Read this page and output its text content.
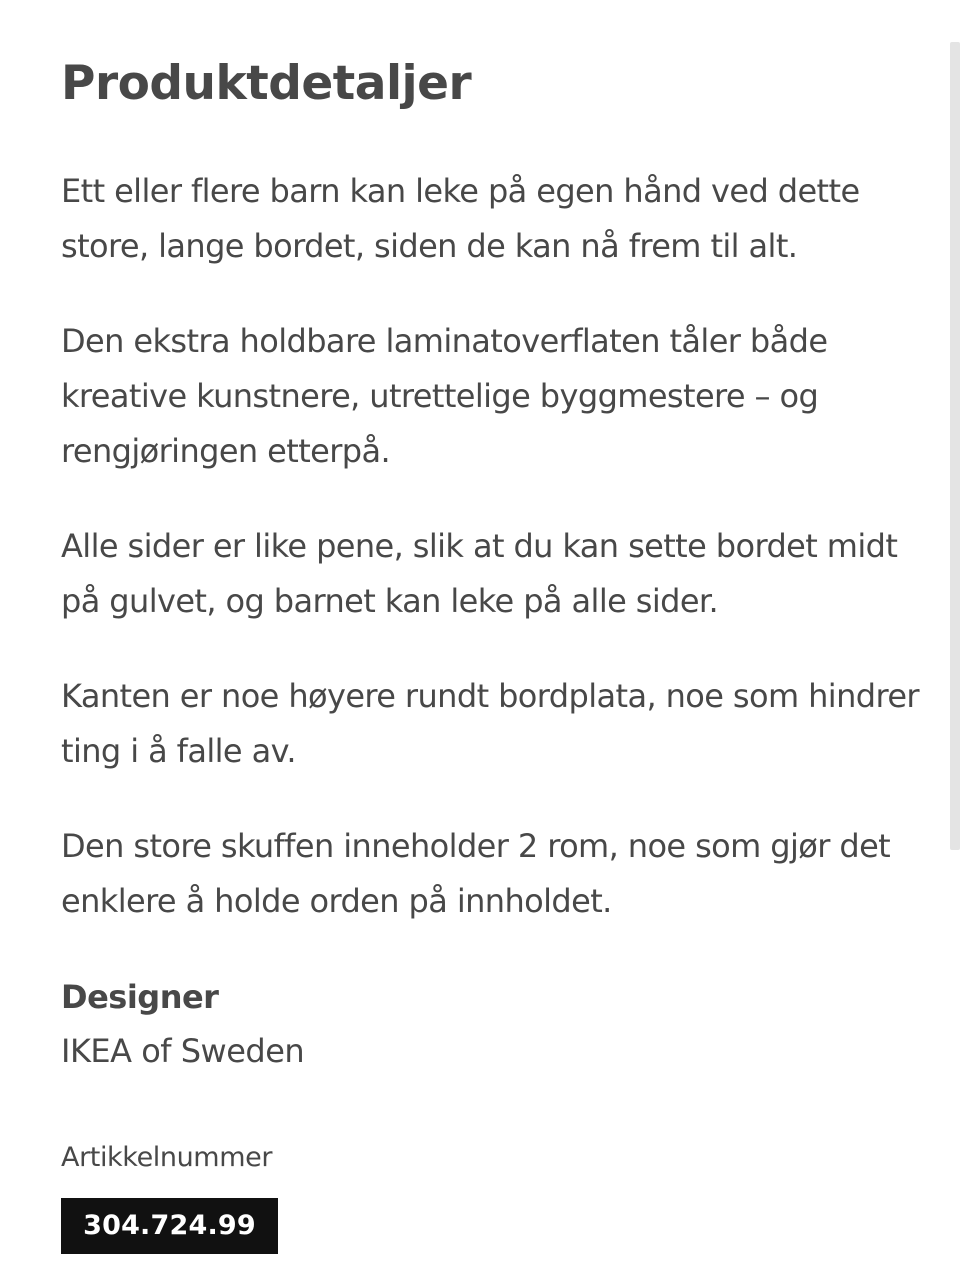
Produktdetaljer

Ett eller flere barn kan leke på egen hånd ved dette store, lange bordet, siden de kan nå frem til alt.

Den ekstra holdbare laminatoverflaten tåler både kreative kunstnere, utrettelige byggmestere – og rengjøringen etterpå.

Alle sider er like pene, slik at du kan sette bordet midt på gulvet, og barnet kan leke på alle sider.

Kanten er noe høyere rundt bordplata, noe som hindrer ting i å falle av.

Den store skuffen inneholder 2 rom, noe som gjør det enklere å holde orden på innholdet.

Designer
IKEA of Sweden
Artikkelnummer
304.724.99
